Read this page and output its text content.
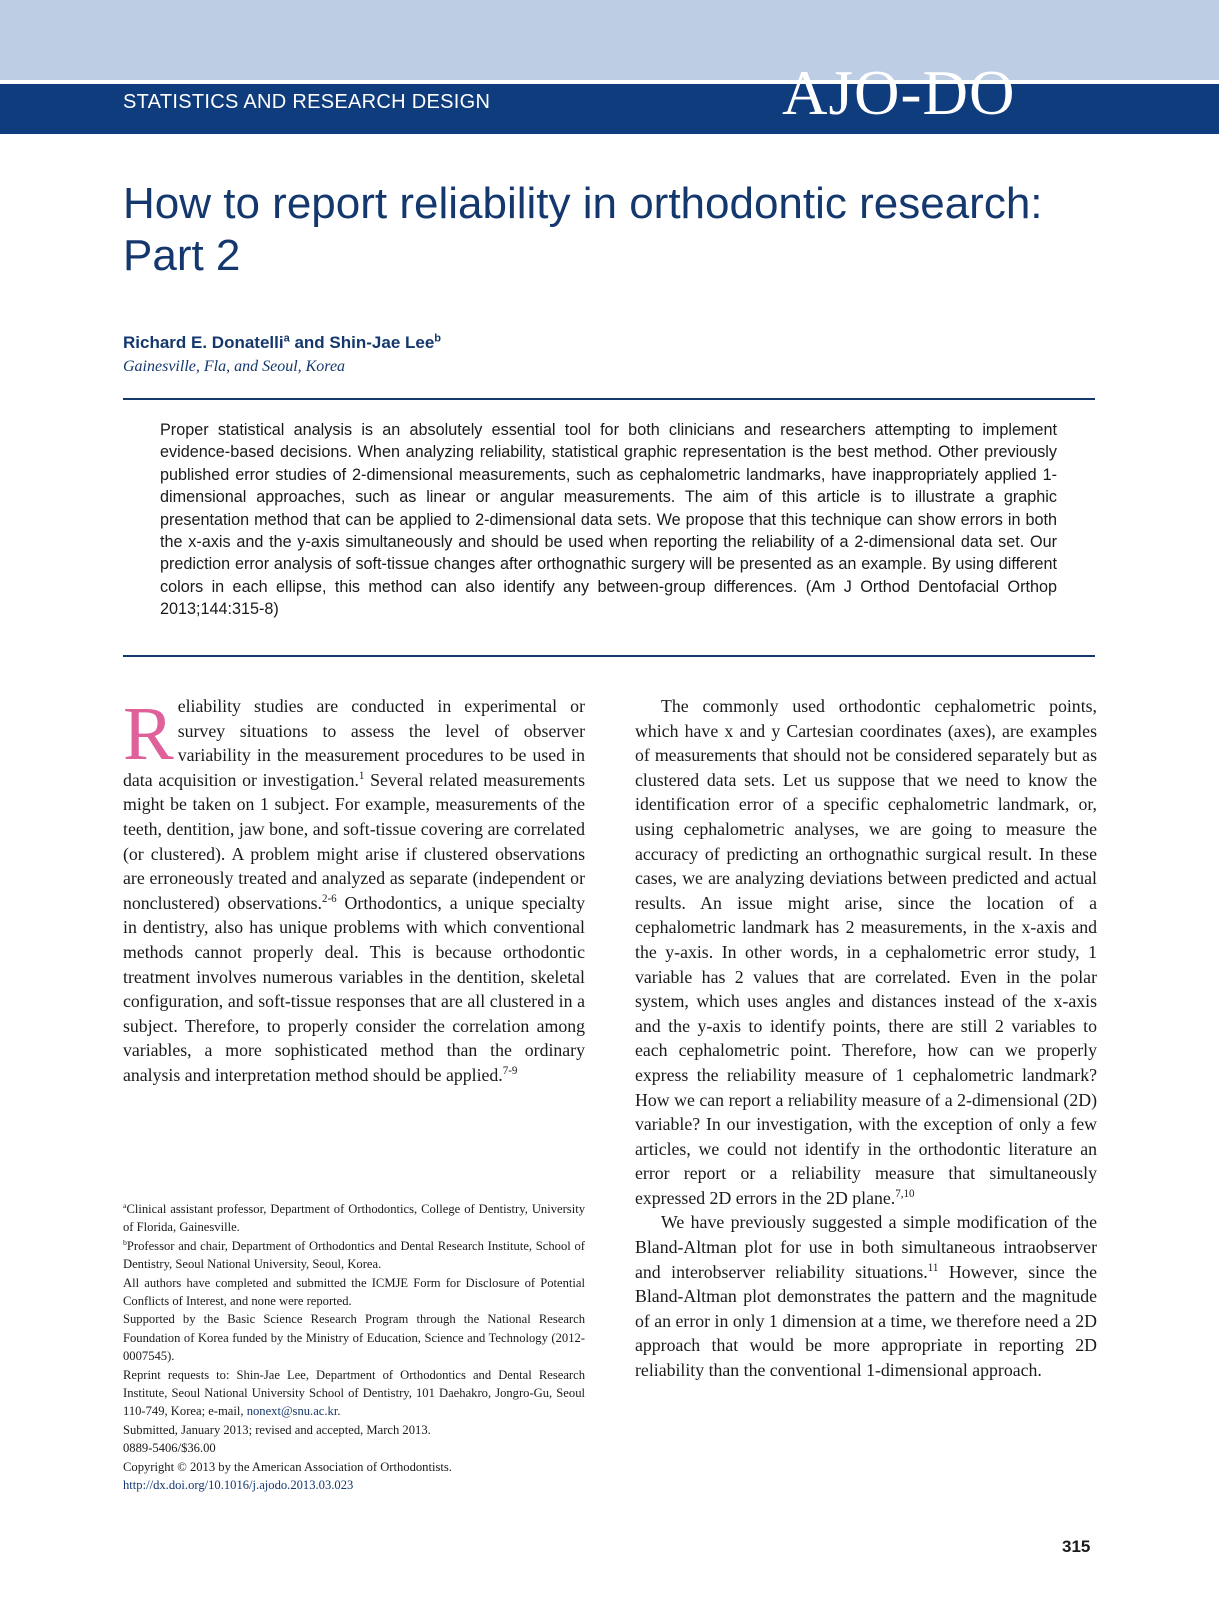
STATISTICS AND RESEARCH DESIGN	AJO-DO
How to report reliability in orthodontic research: Part 2
Richard E. Donatelli$^a$ and Shin-Jae Lee$^b$
Gainesville, Fla, and Seoul, Korea

Proper statistical analysis is an absolutely essential tool for both clinicians and researchers attempting to implement evidence-based decisions. When analyzing reliability, statistical graphic representation is the best method. Other previously published error studies of 2-dimensional measurements, such as cephalometric landmarks, have inappropriately applied 1-dimensional approaches, such as linear or angular measurements. The aim of this article is to illustrate a graphic presentation method that can be applied to 2-dimensional data sets. We propose that this technique can show errors in both the x-axis and the y-axis simultaneously and should be used when reporting the reliability of a 2-dimensional data set. Our prediction error analysis of soft-tissue changes after orthognathic surgery will be presented as an example. By using different colors in each ellipse, this method can also identify any between-group differences. (Am J Orthod Dentofacial Orthop 2013;144:315-8)

Reliability studies are conducted in experimental or survey situations to assess the level of observer variability in the measurement procedures to be used in data acquisition or investigation.$^1$ Several related measurements might be taken on 1 subject. For example, measurements of the teeth, dentition, jaw bone, and soft-tissue covering are correlated (or clustered). A problem might arise if clustered observations are erroneously treated and analyzed as separate (independent or nonclustered) observations.$^{2-6}$ Orthodontics, a unique specialty in dentistry, also has unique problems with which conventional methods cannot properly deal. This is because orthodontic treatment involves numerous variables in the dentition, skeletal configuration, and soft-tissue responses that are all clustered in a subject. Therefore, to properly consider the correlation among variables, a more sophisticated method than the ordinary analysis and interpretation method should be applied.$^{7-9}$

$^a$Clinical assistant professor, Department of Orthodontics, College of Dentistry, University of Florida, Gainesville.

$^b$Professor and chair, Department of Orthodontics and Dental Research Institute, School of Dentistry, Seoul National University, Seoul, Korea.

All authors have completed and submitted the ICMJE Form for Disclosure of Potential Conflicts of Interest, and none were reported.

Supported by the Basic Science Research Program through the National Research Foundation of Korea funded by the Ministry of Education, Science and Technology (2012-0007545).

Reprint requests to: Shin-Jae Lee, Department of Orthodontics and Dental Research Institute, Seoul National University School of Dentistry, 101 Daehakro, Jongro-Gu, Seoul 110-749, Korea; e-mail, nonext@snu.ac.kr.

Submitted, January 2013; revised and accepted, March 2013.

0889-5406/$36.00

Copyright © 2013 by the American Association of Orthodontists.

http://dx.doi.org/10.1016/j.ajodo.2013.03.023

The commonly used orthodontic cephalometric points, which have x and y Cartesian coordinates (axes), are examples of measurements that should not be considered separately but as clustered data sets. Let us suppose that we need to know the identification error of a specific cephalometric landmark, or, using cephalometric analyses, we are going to measure the accuracy of predicting an orthognathic surgical result. In these cases, we are analyzing deviations between predicted and actual results. An issue might arise, since the location of a cephalometric landmark has 2 measurements, in the x-axis and the y-axis. In other words, in a cephalometric error study, 1 variable has 2 values that are correlated. Even in the polar system, which uses angles and distances instead of the x-axis and the y-axis to identify points, there are still 2 variables to each cephalometric point. Therefore, how can we properly express the reliability measure of 1 cephalometric landmark? How we can report a reliability measure of a 2-dimensional (2D) variable? In our investigation, with the exception of only a few articles, we could not identify in the orthodontic literature an error report or a reliability measure that simultaneously expressed 2D errors in the 2D plane.$^{7,10}$

We have previously suggested a simple modification of the Bland-Altman plot for use in both simultaneous intraobserver and interobserver reliability situations.$^{11}$ However, since the Bland-Altman plot demonstrates the pattern and the magnitude of an error in only 1 dimension at a time, we therefore need a 2D approach that would be more appropriate in reporting 2D reliability than the conventional 1-dimensional approach.

315
